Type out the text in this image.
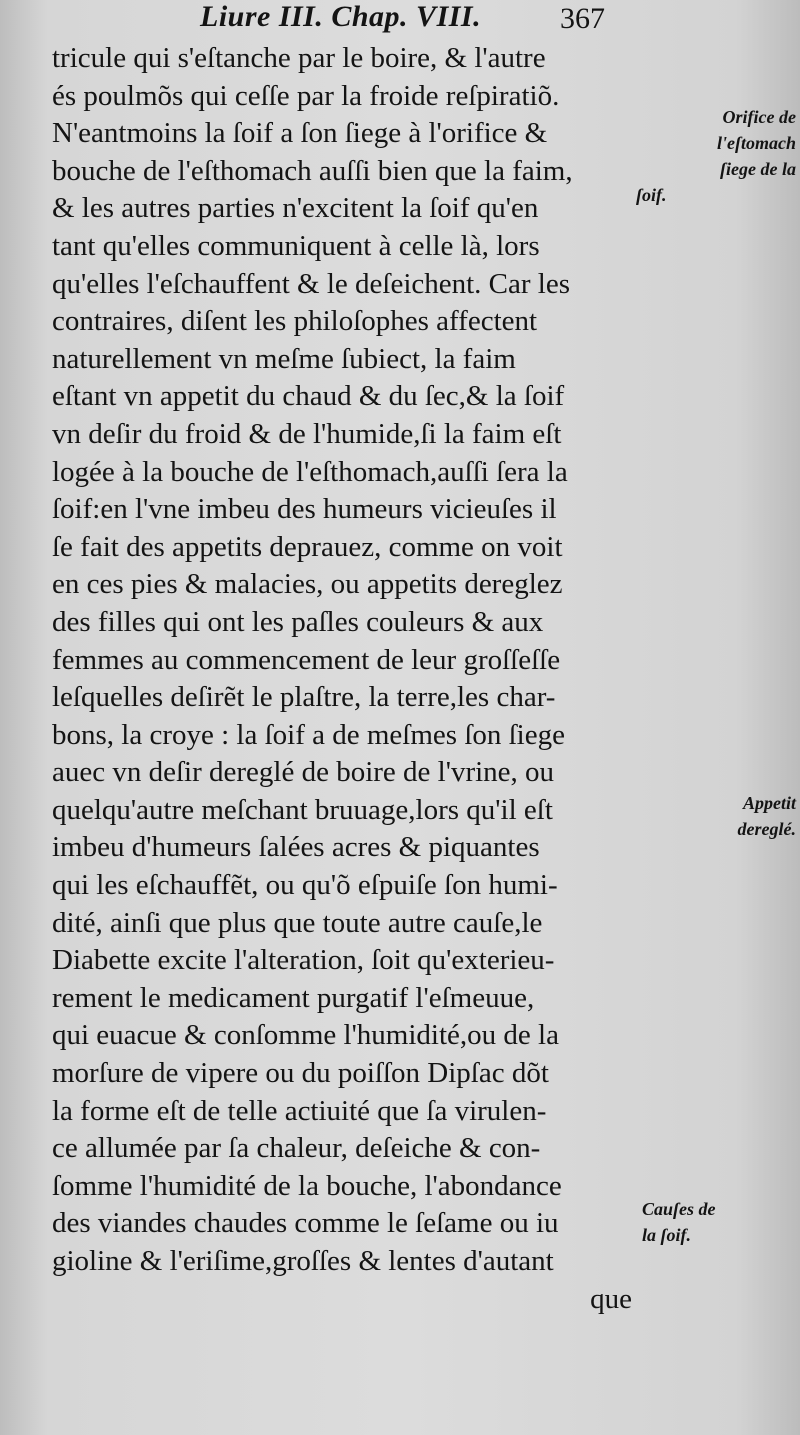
Liure III. Chap. VIII.	367
tricule qui s'eſtanche par le boire, & l'autre
és poulmõs qui ceſſe par la froide reſpiratiõ.
N'eantmoins la ſoif a ſon ſiege à l'orifice &
bouche de l'eſthomach auſſi bien que la faim,
& les autres parties n'excitent la ſoif qu'en
tant qu'elles communiquent à celle là, lors
qu'elles l'eſchauffent & le deſeichent. Car les
contraires, diſent les philoſophes affectent
naturellement vn meſme ſubiect, la faim
eſtant vn appetit du chaud & du ſec,& la ſoif
vn deſir du froid & de l'humide,ſi la faim eſt
logée à la bouche de l'eſthomach,auſſi ſera la
ſoif:en l'vne imbeu des humeurs vicieuſes il
ſe fait des appetits deprauez, comme on voit
en ces pies & malacies, ou appetits dereglez
des filles qui ont les paſles couleurs & aux
femmes au commencement de leur groſſeſſe
leſquelles deſirẽt le plaſtre, la terre,les char-
bons, la croye : la ſoif a de meſmes ſon ſiege
auec vn deſir dereglé de boire de l'vrine, ou
quelqu'autre meſchant bruuage,lors qu'il eſt
imbeu d'humeurs ſalées acres & piquantes
qui les eſchauffẽt, ou qu'õ eſpuiſe ſon humi-
dité, ainſi que plus que toute autre cauſe,le
Diabette excite l'alteration, ſoit qu'exterieu-
rement le medicament purgatif l'eſmeuue,
qui euacue & conſomme l'humidité,ou de la
morſure de vipere ou du poiſſon Dipſac dõt
la forme eſt de telle actiuité que ſa virulen-
ce allumée par ſa chaleur, deſeiche & con-
ſomme l'humidité de la bouche, l'abondance
des viandes chaudes comme le ſeſame ou iu
gioline & l'eriſime,groſſes & lentes d'autant
que
Orifice de
l'eſtomach
ſiege de la
ſoif.
Appetit
dereglé.
Cauſes de
la ſoif.
